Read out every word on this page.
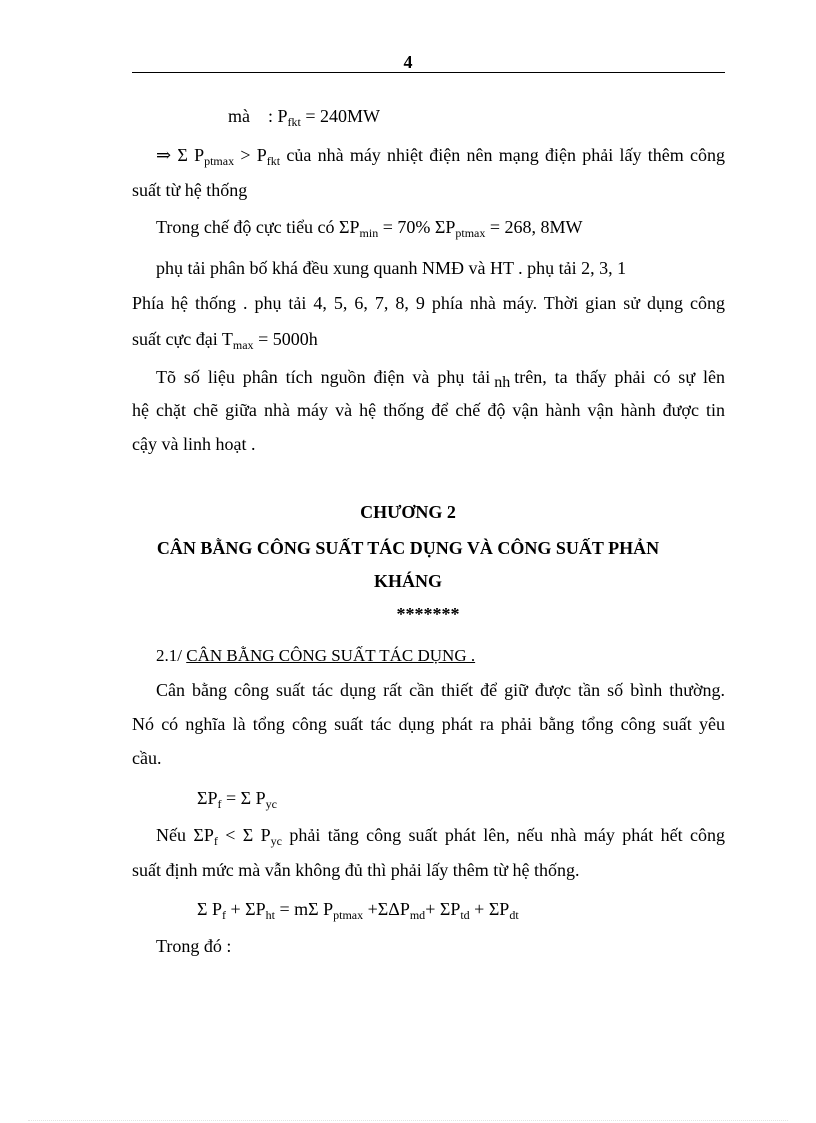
4
mà : $P_{fkt} = 240MW$
⇒ Σ $P_{ptmax} > P_{fkt}$ của nhà máy nhiệt điện nên mạng điện phải lấy thêm công
suất từ hệ thống
Trong chế độ cực tiểu có $\Sigma P_{min} = 70\%$ $\Sigma P_{ptmax} = 268$, 8MW
phụ tải phân bố khá đều xung quanh NMĐ và HT . phụ tải 2, 3, 1
Phía hệ thống . phụ tải 4, 5, 6, 7, 8, 9 phía nhà máy. Thời gian sử dụng công
suất cực đại $T_{max} = 5000h$
Tõ số liệu phân tích nguồn điện và phụ tải nh trên, ta thấy phải có sự lên
hệ chặt chẽ giữa nhà máy và hệ thống để chế độ vận hành vận hành được tin
cậy và linh hoạt .
CHƯƠNG 2
CÂN BẰNG CÔNG SUẤT TÁC DỤNG VÀ CÔNG SUẤT PHẢN
KHÁNG
*******
2.1/ CÂN BẰNG CÔNG SUẤT TÁC DỤNG .
Cân bằng công suất tác dụng rất cần thiết để giữ được tần số bình thường.
Nó có nghĩa là tổng công suất tác dụng phát ra phải bằng tổng công suất yêu
cầu.
$\Sigma P_f = \Sigma$ $P_{yc}$
Nếu $\Sigma P_f < \Sigma$ $P_{yc}$ phải tăng công suất phát lên, nếu nhà máy phát hết công
suất định mức mà vẫn không đủ thì phải lấy thêm từ hệ thống.
Σ $P_f + \Sigma P_{ht} = m\Sigma$ $P_{ptmax} +\Sigma\Delta P_{md}+ \Sigma P_{td} + \Sigma P_{dt}$
Trong đó :
